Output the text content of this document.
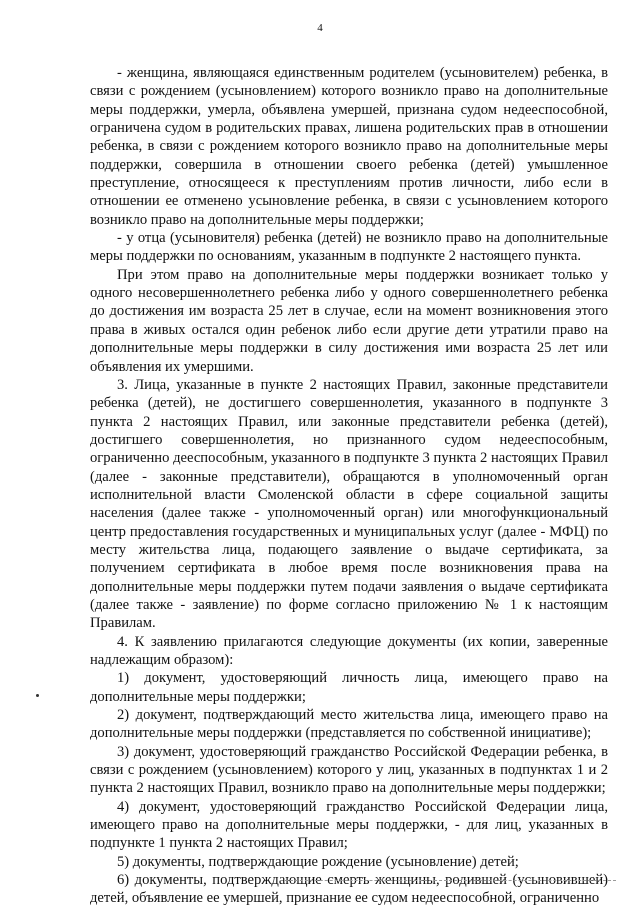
4

- женщина, являющаяся единственным родителем (усыновителем) ребенка, в связи с рождением (усыновлением) которого возникло право на дополнительные меры поддержки, умерла, объявлена умершей, признана судом недееспособной, ограничена судом в родительских правах, лишена родительских прав в отношении ребенка, в связи с рождением которого возникло право на дополнительные меры поддержки, совершила в отношении своего ребенка (детей) умышленное преступление, относящееся к преступлениям против личности, либо если в отношении ее отменено усыновление ребенка, в связи с усыновлением которого возникло право на дополнительные меры поддержки;

- у отца (усыновителя) ребенка (детей) не возникло право на дополнительные меры поддержки по основаниям, указанным в подпункте 2 настоящего пункта.

При этом право на дополнительные меры поддержки возникает только у одного несовершеннолетнего ребенка либо у одного совершеннолетнего ребенка до достижения им возраста 25 лет в случае, если на момент возникновения этого права в живых остался один ребенок либо если другие дети утратили право на дополнительные меры поддержки в силу достижения ими возраста 25 лет или объявления их умершими.

3. Лица, указанные в пункте 2 настоящих Правил, законные представители ребенка (детей), не достигшего совершеннолетия, указанного в подпункте 3 пункта 2 настоящих Правил, или законные представители ребенка (детей), достигшего совершеннолетия, но признанного судом недееспособным, ограниченно дееспособным, указанного в подпункте 3 пункта 2 настоящих Правил (далее - законные представители), обращаются в уполномоченный орган исполнительной власти Смоленской области в сфере социальной защиты населения (далее также - уполномоченный орган) или многофункциональный центр предоставления государственных и муниципальных услуг (далее - МФЦ) по месту жительства лица, подающего заявление о выдаче сертификата, за получением сертификата в любое время после возникновения права на дополнительные меры поддержки путем подачи заявления о выдаче сертификата (далее также - заявление) по форме согласно приложению № 1 к настоящим Правилам.

4. К заявлению прилагаются следующие документы (их копии, заверенные надлежащим образом):

1) документ, удостоверяющий личность лица, имеющего право на дополнительные меры поддержки;

2) документ, подтверждающий место жительства лица, имеющего право на дополнительные меры поддержки (представляется по собственной инициативе);

3) документ, удостоверяющий гражданство Российской Федерации ребенка, в связи с рождением (усыновлением) которого у лиц, указанных в подпунктах 1 и 2 пункта 2 настоящих Правил, возникло право на дополнительные меры поддержки;

4) документ, удостоверяющий гражданство Российской Федерации лица, имеющего право на дополнительные меры поддержки, - для лиц, указанных в подпункте 1 пункта 2 настоящих Правил;

5) документы, подтверждающие рождение (усыновление) детей;

6) документы, подтверждающие смерть женщины, родившей (усыновившей) детей, объявление ее умершей, признание ее судом недееспособной, ограниченно
